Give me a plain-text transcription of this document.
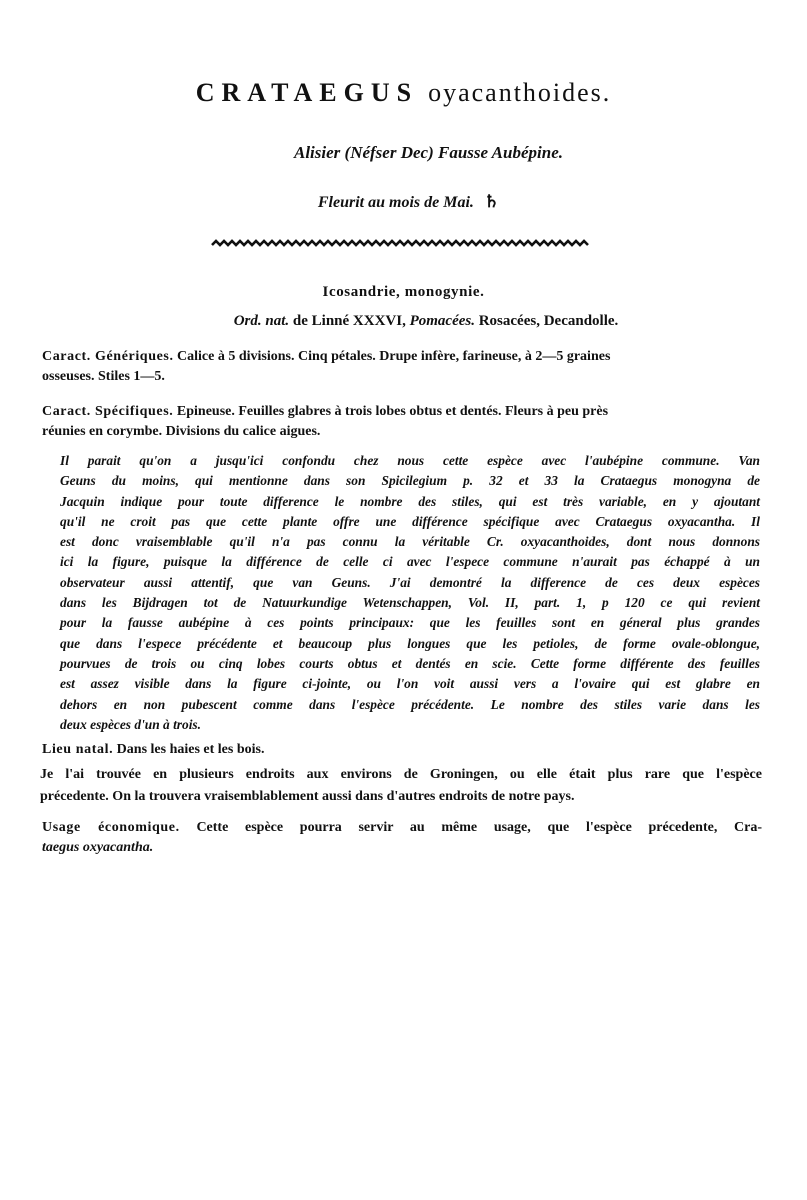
CRATAEGUS oyacanthoides.
Alisier (Néfser Dec) Fausse Aubépine.
Fleurit au mois de Mai. ♄
Icosandrie, monogynie.
Ord. nat. de Linné XXXVI, Pomacées. Rosacées, Decandolle.
Caract. Génériques. Calice à 5 divisions. Cinq pétales. Drupe infère, farineuse, à 2—5 graines
osseuses. Stiles 1—5.
Caract. Spécifiques. Epineuse. Feuilles glabres à trois lobes obtus et dentés. Fleurs à peu près
réunies en corymbe. Divisions du calice aigues.
Il parait qu'on a jusqu'ici confondu chez nous cette espèce avec l'aubépine commune. Van
Geuns du moins, qui mentionne dans son Spicilegium p. 32 et 33 la Crataegus monogyna de
Jacquin indique pour toute difference le nombre des stiles, qui est très variable, en y ajoutant
qu'il ne croit pas que cette plante offre une différence spécifique avec Crataegus oxyacantha. Il
est donc vraisemblable qu'il n'a pas connu la véritable Cr. oxyacanthoides, dont nous donnons
ici la figure, puisque la différence de celle ci avec l'espece commune n'aurait pas échappé à un
observateur aussi attentif, que van Geuns. J'ai demontré la difference de ces deux espèces
dans les Bijdragen tot de Natuurkundige Wetenschappen, Vol. II, part. 1, p 120 ce qui revient
pour la fausse aubépine à ces points principaux: que les feuilles sont en géneral plus grandes
que dans l'espece précédente et beaucoup plus longues que les petioles, de forme ovale-oblongue,
pourvues de trois ou cinq lobes courts obtus et dentés en scie. Cette forme différente des feuilles
est assez visible dans la figure ci-jointe, ou l'on voit aussi vers a l'ovaire qui est glabre en
dehors en non pubescent comme dans l'espèce précédente. Le nombre des stiles varie dans les
deux espèces d'un à trois.
Lieu natal. Dans les haies et les bois.
Je l'ai trouvée en plusieurs endroits aux environs de Groningen, ou elle était plus rare que l'espèce
précedente. On la trouvera vraisemblablement aussi dans d'autres endroits de notre pays.
Usage économique. Cette espèce pourra servir au même usage, que l'espèce précedente, Cra-
taegus oxyacantha.
